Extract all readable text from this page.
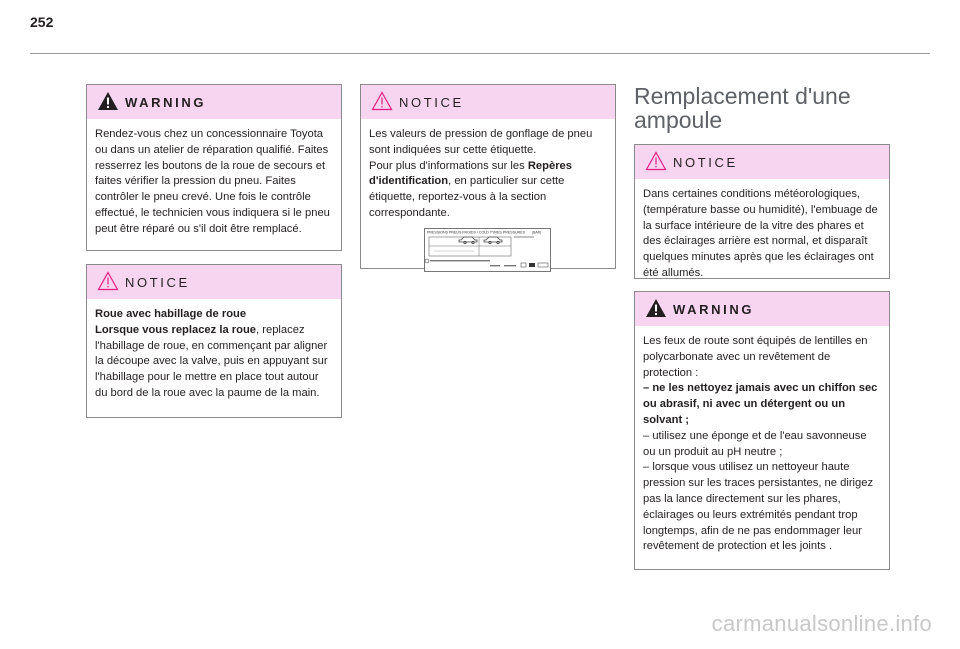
252
WARNING

Rendez-vous chez un concessionnaire Toyota ou dans un atelier de réparation qualifié. Faites resserrez les boutons de la roue de secours et faites vérifier la pression du pneu. Faites contrôler le pneu crevé. Une fois le contrôle effectué, le technicien vous indiquera si le pneu peut être réparé ou s'il doit être remplacé.

NOTICE

Roue avec habillage de roue

Lorsque vous replacez la roue, replacez l'habillage de roue, en commençant par aligner la découpe avec la valve, puis en appuyant sur l'habillage pour le mettre en place tout autour du bord de la roue avec la paume de la main.

NOTICE

Les valeurs de pression de gonflage de pneu sont indiquées sur cette étiquette.

Pour plus d'informations sur les Repères d'identification, en particulier sur cette étiquette, reportez-vous à la section correspondante.

PRESSIONS PNEUS FROIDS / COLD TYRES PRESSURES (BAR)
XXXXXXXXXX
Remplacement d'une ampoule
NOTICE

Dans certaines conditions météorologiques, (température basse ou humidité), l'embuage de la surface intérieure de la vitre des phares et des éclairages arrière est normal, et disparaît quelques minutes après que les éclairages ont été allumés.

WARNING

Les feux de route sont équipés de lentilles en polycarbonate avec un revêtement de protection :

– ne les nettoyez jamais avec un chiffon sec ou abrasif, ni avec un détergent ou un solvant ;

– utilisez une éponge et de l'eau savonneuse ou un produit au pH neutre ;

– lorsque vous utilisez un nettoyeur haute pression sur les traces persistantes, ne dirigez pas la lance directement sur les phares, éclairages ou leurs extrémités pendant trop longtemps, afin de ne pas endommager leur revêtement de protection et les joints .

carmanualsonline.info
